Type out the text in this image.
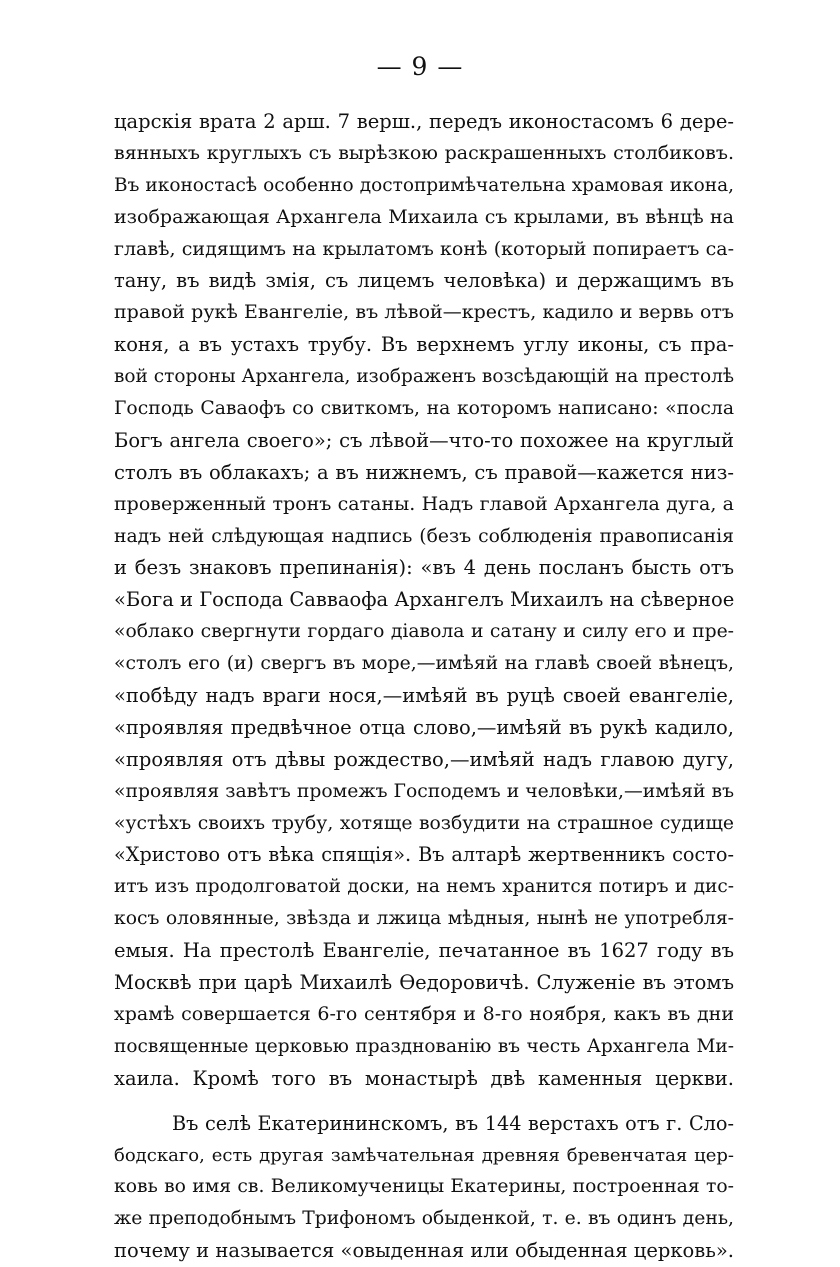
— 9 —
царскія врата 2 арш. 7 верш., передъ иконостасомъ 6 дере-
вянныхъ круглыхъ съ вырѣзкою раскрашенныхъ столбиковъ.
Въ иконостасѣ особенно достопримѣчательна храмовая икона,
изображающая Архангела Михаила съ крылами, въ вѣнцѣ на
главѣ, сидящимъ на крылатомъ конѣ (который попираетъ са-
тану, въ видѣ змія, съ лицемъ человѣка) и держащимъ въ
правой рукѣ Евангеліе, въ лѣвой—крестъ, кадило и вервь отъ
коня, а въ устахъ трубу. Въ верхнемъ углу иконы, съ пра-
вой стороны Архангела, изображенъ возсѣдающій на престолѣ
Господь Саваофъ со свиткомъ, на которомъ написано: «посла
Богъ ангела своего»; съ лѣвой—что-то похожее на круглый
столъ въ облакахъ; а въ нижнемъ, съ правой—кажется низ-
проверженный тронъ сатаны. Надъ главой Архангела дуга, а
надъ ней слѣдующая надпись (безъ соблюденія правописанія
и безъ знаковъ препинанія): «въ 4 день посланъ бысть отъ
«Бога и Господа Савваофа Архангелъ Михаилъ на сѣверное
«облако свергнути гордаго діавола и сатану и силу его и пре-
«столъ его (и) свергъ въ море,—имѣяй на главѣ своей вѣнецъ,
«побѣду надъ враги нося,—имѣяй въ руцѣ своей евангеліе,
«проявляя предвѣчное отца слово,—имѣяй въ рукѣ кадило,
«проявляя отъ дѣвы рождество,—имѣяй надъ главою дугу,
«проявляя завѣтъ промежъ Господемъ и человѣки,—имѣяй въ
«устѣхъ своихъ трубу, хотяще возбудити на страшное судище
«Христово отъ вѣка спящія». Въ алтарѣ жертвенникъ состо-
итъ изъ продолговатой доски, на немъ хранится потиръ и дис-
косъ оловянные, звѣзда и лжица мѣдныя, нынѣ не употребля-
емыя. На престолѣ Евангеліе, печатанное въ 1627 году въ
Москвѣ при царѣ Михаилѣ Ѳедоровичѣ. Служеніе въ этомъ
храмѣ совершается 6-го сентября и 8-го ноября, какъ въ дни
посвященные церковью празднованію въ честь Архангела Ми-
хаила. Кромѣ того въ монастырѣ двѣ каменныя церкви.
Въ селѣ Екатерининскомъ, въ 144 верстахъ отъ г. Сло-
бодскаго, есть другая замѣчательная древняя бревенчатая цер-
ковь во имя св. Великомученицы Екатерины, построенная то-
же преподобнымъ Трифономъ обыденкой, т. е. въ одинъ день,
почему и называется «овыденная или обыденная церковь».
